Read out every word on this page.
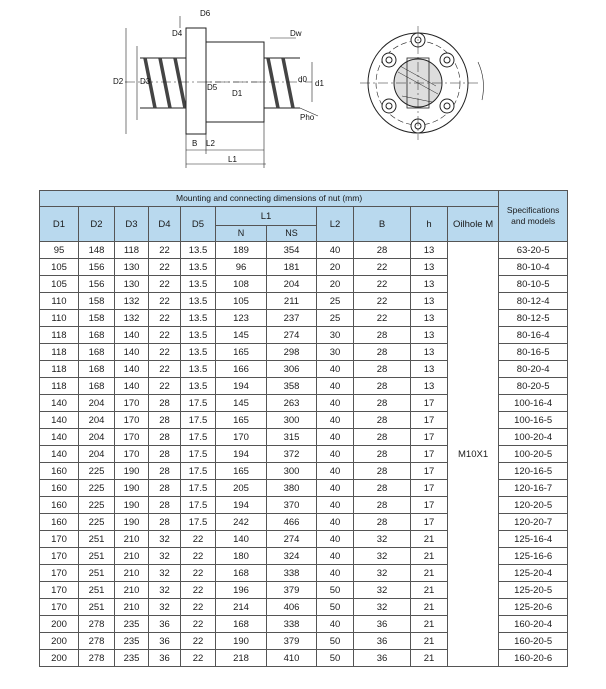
D6
D4	Dw
D2 D3
D5
D1
d0 d1
Pho
B L2
L1
Mounting and connecting dimensions of nut (mm)											Specifications and models
D1	D2	D3	D4	D5	L1		L2	B	h	Oilhole M	
					N	NS					
95	148	118	22	13.5	189	354	40	28	13	M10X1	63-20-5
105	156	130	22	13.5	96	181	20	22	13		80-10-4
105	156	130	22	13.5	108	204	20	22	13		80-10-5
110	158	132	22	13.5	105	211	25	22	13		80-12-4
110	158	132	22	13.5	123	237	25	22	13		80-12-5
118	168	140	22	13.5	145	274	30	28	13		80-16-4
118	168	140	22	13.5	165	298	30	28	13		80-16-5
118	168	140	22	13.5	166	306	40	28	13		80-20-4
118	168	140	22	13.5	194	358	40	28	13		80-20-5
140	204	170	28	17.5	145	263	40	28	17		100-16-4
140	204	170	28	17.5	165	300	40	28	17		100-16-5
140	204	170	28	17.5	170	315	40	28	17		100-20-4
140	204	170	28	17.5	194	372	40	28	17		100-20-5
160	225	190	28	17.5	165	300	40	28	17		120-16-5
160	225	190	28	17.5	205	380	40	28	17		120-16-7
160	225	190	28	17.5	194	370	40	28	17		120-20-5
160	225	190	28	17.5	242	466	40	28	17		120-20-7
170	251	210	32	22	140	274	40	32	21		125-16-4
170	251	210	32	22	180	324	40	32	21		125-16-6
170	251	210	32	22	168	338	40	32	21		125-20-4
170	251	210	32	22	196	379	50	32	21		125-20-5
170	251	210	32	22	214	406	50	32	21		125-20-6
200	278	235	36	22	168	338	40	36	21		160-20-4
200	278	235	36	22	190	379	50	36	21		160-20-5
200	278	235	36	22	218	410	50	36	21		160-20-6
